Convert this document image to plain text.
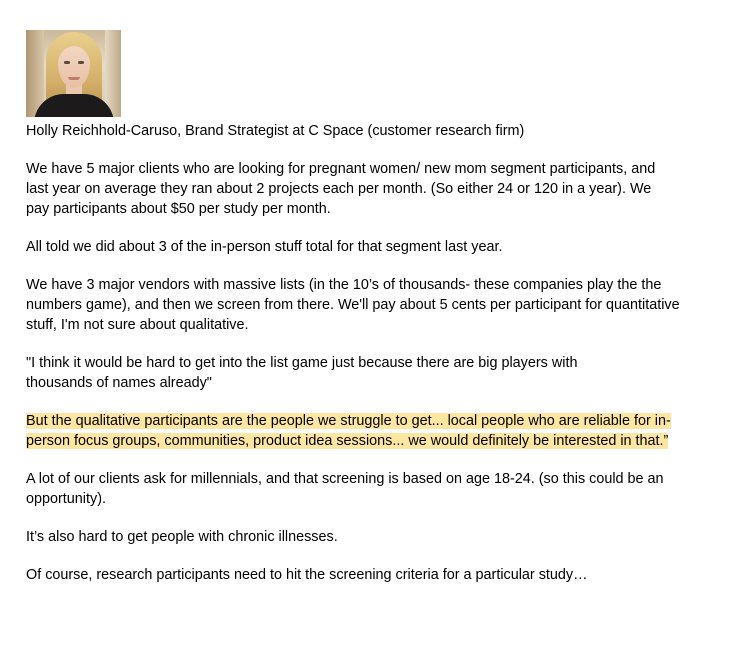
Holly Reichhold-Caruso, Brand Strategist at C Space (customer research firm)

We have 5 major clients who are looking for pregnant women/ new mom segment participants, and last year on average they ran about 2 projects each per month. (So either 24 or 120 in a year). We pay participants about $50 per study per month.

All told we did about 3 of the in-person stuff total for that segment last year.

We have 3 major vendors with massive lists (in the 10’s of thousands- these companies play the the numbers game), and then we screen from there. We'll pay about 5 cents per participant for quantitative stuff, I'm not sure about qualitative.

"I think it would be hard to get into the list game just because there are big players with thousands of names already"

But the qualitative participants are the people we struggle to get... local people who are reliable for in-person focus groups, communities, product idea sessions... we would definitely be interested in that.”

A lot of our clients ask for millennials, and that screening is based on age 18-24. (so this could be an opportunity).

It’s also hard to get people with chronic illnesses.

Of course, research participants need to hit the screening criteria for a particular study…
